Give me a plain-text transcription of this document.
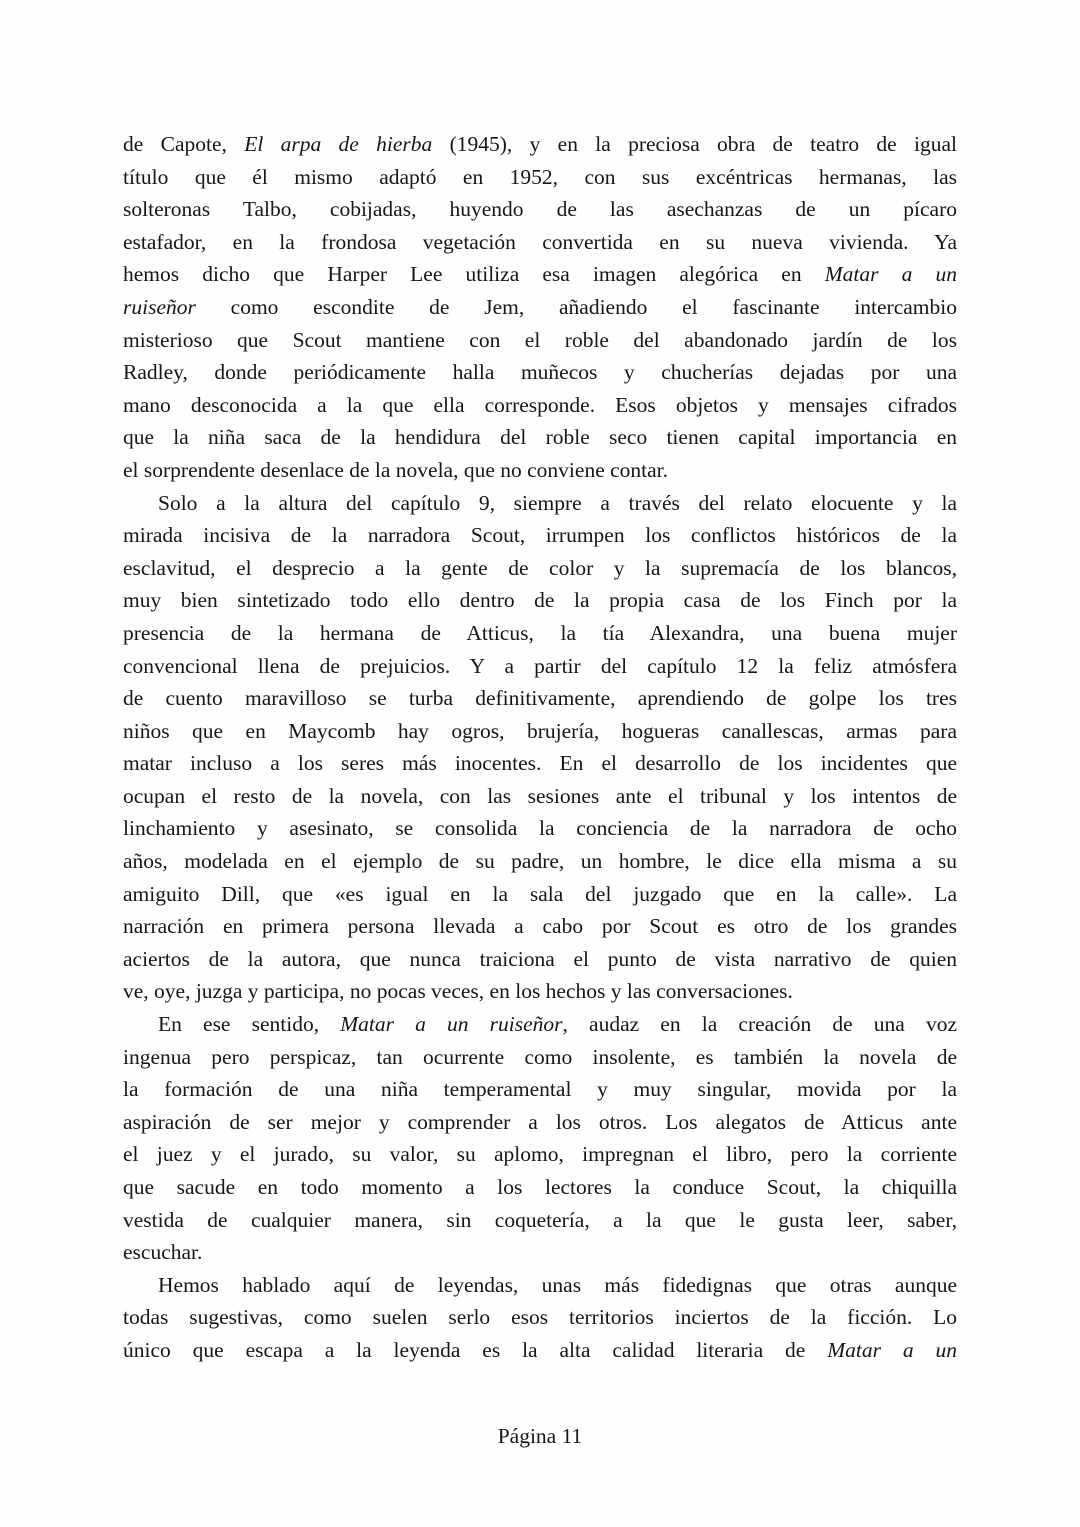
de Capote, El arpa de hierba (1945), y en la preciosa obra de teatro de igual
título que él mismo adaptó en 1952, con sus excéntricas hermanas, las
solteronas Talbo, cobijadas, huyendo de las asechanzas de un pícaro
estafador, en la frondosa vegetación convertida en su nueva vivienda. Ya
hemos dicho que Harper Lee utiliza esa imagen alegórica en Matar a un
ruiseñor como escondite de Jem, añadiendo el fascinante intercambio
misterioso que Scout mantiene con el roble del abandonado jardín de los
Radley, donde periódicamente halla muñecos y chucherías dejadas por una
mano desconocida a la que ella corresponde. Esos objetos y mensajes cifrados
que la niña saca de la hendidura del roble seco tienen capital importancia en
el sorprendente desenlace de la novela, que no conviene contar.
Solo a la altura del capítulo 9, siempre a través del relato elocuente y la
mirada incisiva de la narradora Scout, irrumpen los conflictos históricos de la
esclavitud, el desprecio a la gente de color y la supremacía de los blancos,
muy bien sintetizado todo ello dentro de la propia casa de los Finch por la
presencia de la hermana de Atticus, la tía Alexandra, una buena mujer
convencional llena de prejuicios. Y a partir del capítulo 12 la feliz atmósfera
de cuento maravilloso se turba definitivamente, aprendiendo de golpe los tres
niños que en Maycomb hay ogros, brujería, hogueras canallescas, armas para
matar incluso a los seres más inocentes. En el desarrollo de los incidentes que
ocupan el resto de la novela, con las sesiones ante el tribunal y los intentos de
linchamiento y asesinato, se consolida la conciencia de la narradora de ocho
años, modelada en el ejemplo de su padre, un hombre, le dice ella misma a su
amiguito Dill, que «es igual en la sala del juzgado que en la calle». La
narración en primera persona llevada a cabo por Scout es otro de los grandes
aciertos de la autora, que nunca traiciona el punto de vista narrativo de quien
ve, oye, juzga y participa, no pocas veces, en los hechos y las conversaciones.
En ese sentido, Matar a un ruiseñor, audaz en la creación de una voz
ingenua pero perspicaz, tan ocurrente como insolente, es también la novela de
la formación de una niña temperamental y muy singular, movida por la
aspiración de ser mejor y comprender a los otros. Los alegatos de Atticus ante
el juez y el jurado, su valor, su aplomo, impregnan el libro, pero la corriente
que sacude en todo momento a los lectores la conduce Scout, la chiquilla
vestida de cualquier manera, sin coquetería, a la que le gusta leer, saber,
escuchar.
Hemos hablado aquí de leyendas, unas más fidedignas que otras aunque
todas sugestivas, como suelen serlo esos territorios inciertos de la ficción. Lo
único que escapa a la leyenda es la alta calidad literaria de Matar a un
Página 11
